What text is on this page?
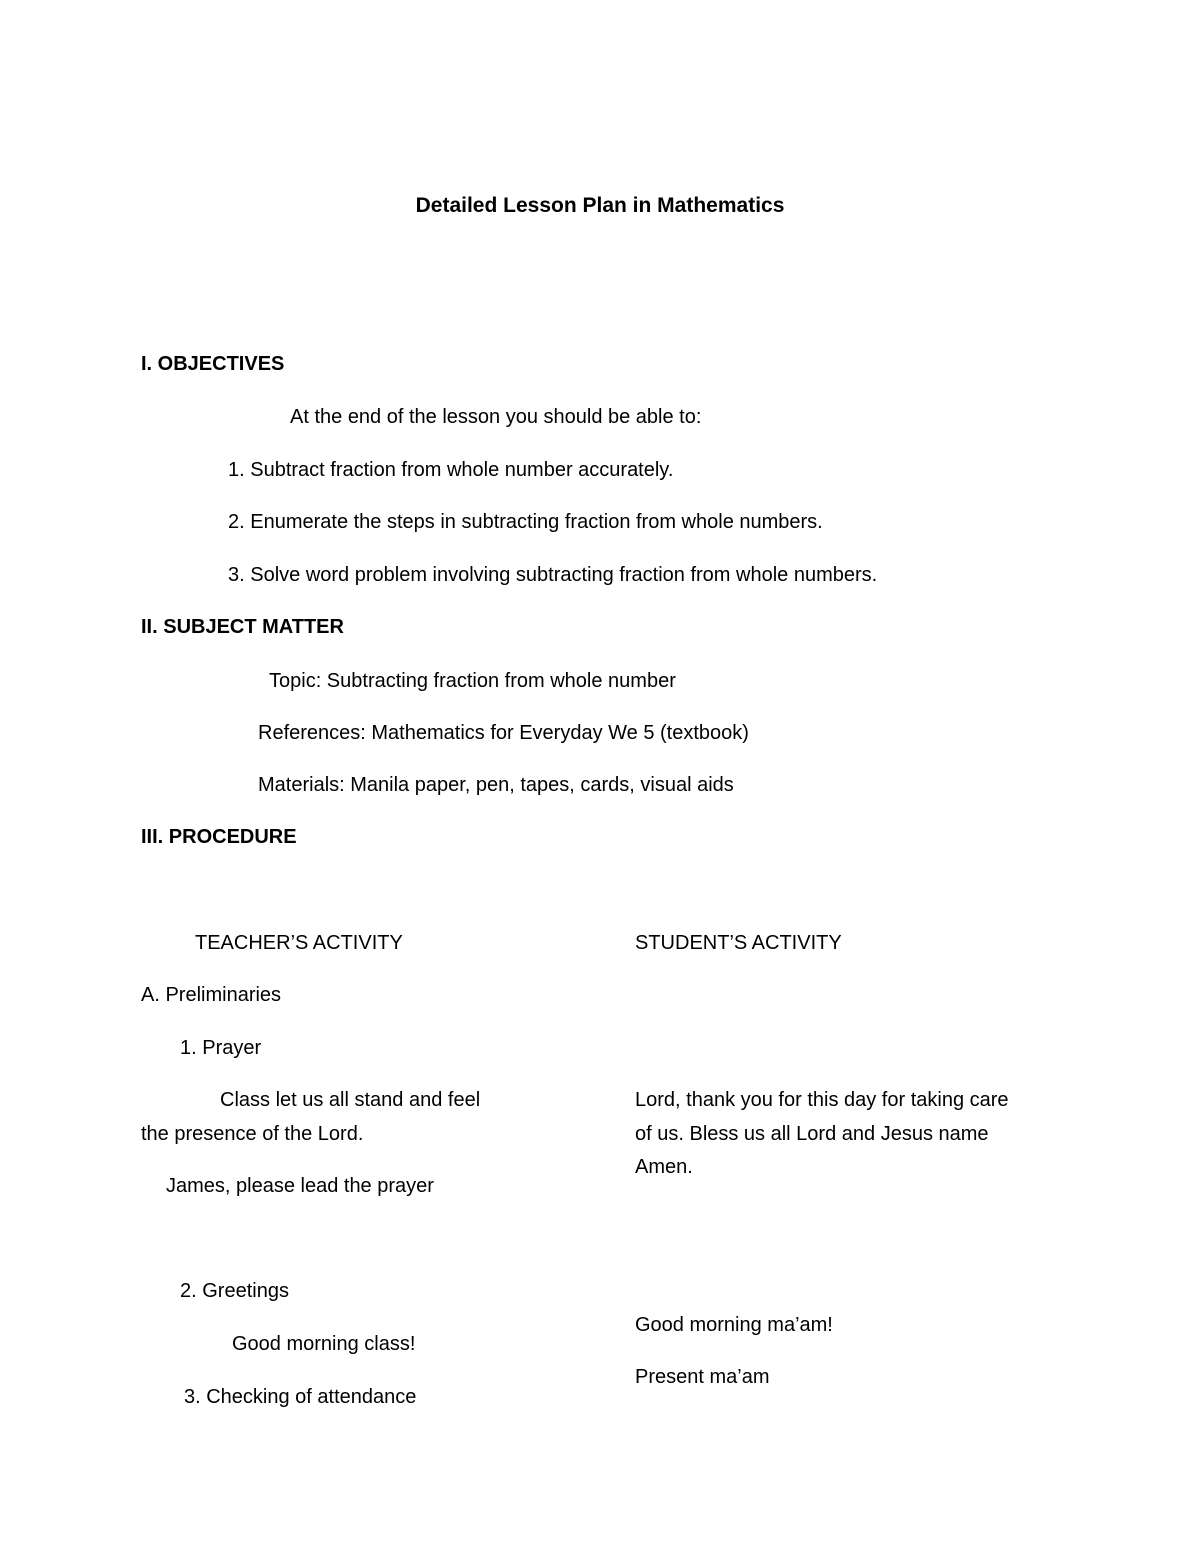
Detailed Lesson Plan in Mathematics

I. OBJECTIVES

At the end of the lesson you should be able to:

1. Subtract fraction from whole number accurately.

2. Enumerate the steps in subtracting fraction from whole numbers.

3. Solve word problem involving subtracting fraction from whole numbers.

II. SUBJECT MATTER

Topic: Subtracting fraction from whole number

References: Mathematics for Everyday We 5 (textbook)

Materials: Manila paper, pen, tapes, cards, visual aids

III. PROCEDURE

TEACHER’S ACTIVITY	STUDENT’S ACTIVITY

A. Preliminaries

1. Prayer

Class let us all stand and feel

the presence of the Lord.

James, please lead the prayer

Lord, thank you for this day for taking care

of us. Bless us all Lord and Jesus name

Amen.

2. Greetings

Good morning class!

Good morning ma’am!

3. Checking of attendance

Present ma’am
